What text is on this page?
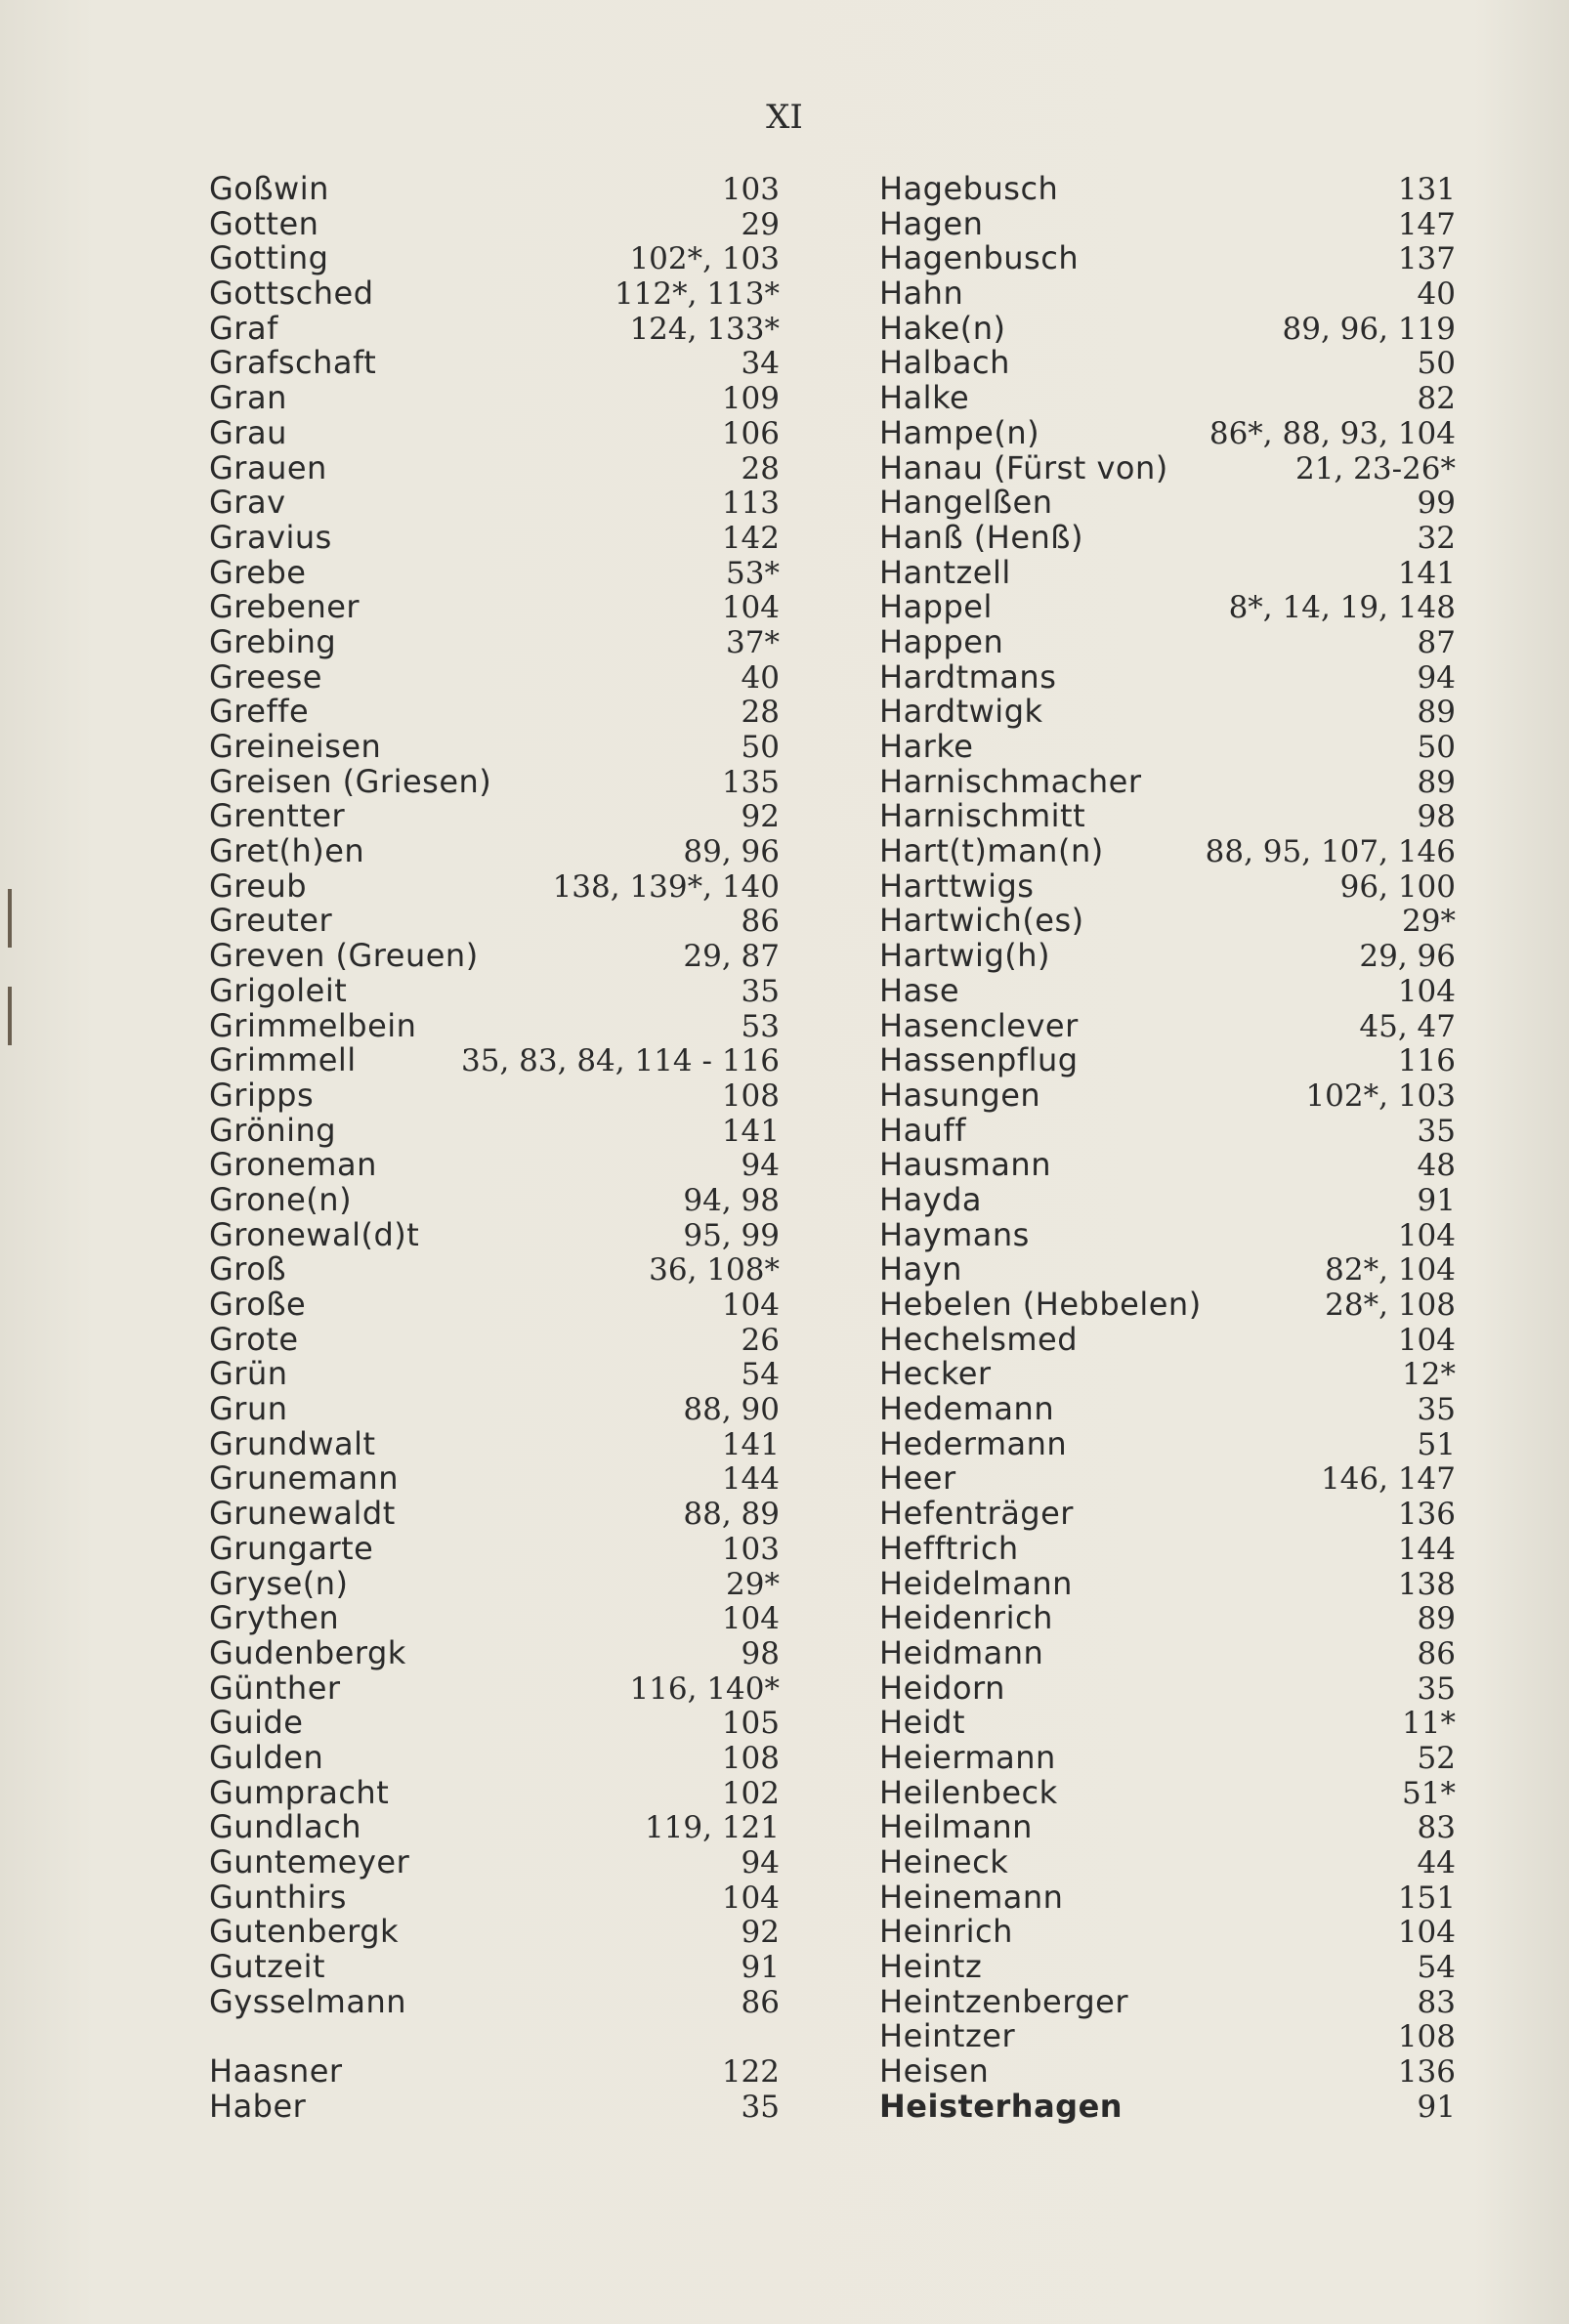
XI
Goßwin	103
Gotten	29
Gotting	102*, 103
Gottsched	112*, 113*
Graf	124, 133*
Grafschaft	34
Gran	109
Grau	106
Grauen	28
Grav	113
Gravius	142
Grebe	53*
Grebener	104
Grebing	37*
Greese	40
Greffe	28
Greineisen	50
Greisen (Griesen)	135
Grentter	92
Gret(h)en	89, 96
Greub	138, 139*, 140
Greuter	86
Greven (Greuen)	29, 87
Grigoleit	35
Grimmelbein	53
Grimmell	35, 83, 84, 114 - 116
Gripps	108
Gröning	141
Groneman	94
Grone(n)	94, 98
Gronewal(d)t	95, 99
Groß	36, 108*
Große	104
Grote	26
Grün	54
Grun	88, 90
Grundwalt	141
Grunemann	144
Grunewaldt	88, 89
Grungarte	103
Gryse(n)	29*
Grythen	104
Gudenbergk	98
Günther	116, 140*
Guide	105
Gulden	108
Gumpracht	102
Gundlach	119, 121
Guntemeyer	94
Gunthirs	104
Gutenbergk	92
Gutzeit	91
Gysselmann	86
Haasner	122
Haber	35
Hagebusch	131
Hagen	147
Hagenbusch	137
Hahn	40
Hake(n)	89, 96, 119
Halbach	50
Halke	82
Hampe(n)	86*, 88, 93, 104
Hanau (Fürst von)	21, 23-26*
Hangelßen	99
Hanß (Henß)	32
Hantzell	141
Happel	8*, 14, 19, 148
Happen	87
Hardtmans	94
Hardtwigk	89
Harke	50
Harnischmacher	89
Harnischmitt	98
Hart(t)man(n)	88, 95, 107, 146
Harttwigs	96, 100
Hartwich(es)	29*
Hartwig(h)	29, 96
Hase	104
Hasenclever	45, 47
Hassenpflug	116
Hasungen	102*, 103
Hauff	35
Hausmann	48
Hayda	91
Haymans	104
Hayn	82*, 104
Hebelen (Hebbelen)	28*, 108
Hechelsmed	104
Hecker	12*
Hedemann	35
Hedermann	51
Heer	146, 147
Hefenträger	136
Hefftrich	144
Heidelmann	138
Heidenrich	89
Heidmann	86
Heidorn	35
Heidt	11*
Heiermann	52
Heilenbeck	51*
Heilmann	83
Heineck	44
Heinemann	151
Heinrich	104
Heintz	54
Heintzenberger	83
Heintzer	108
Heisen	136
Heisterhagen	91
